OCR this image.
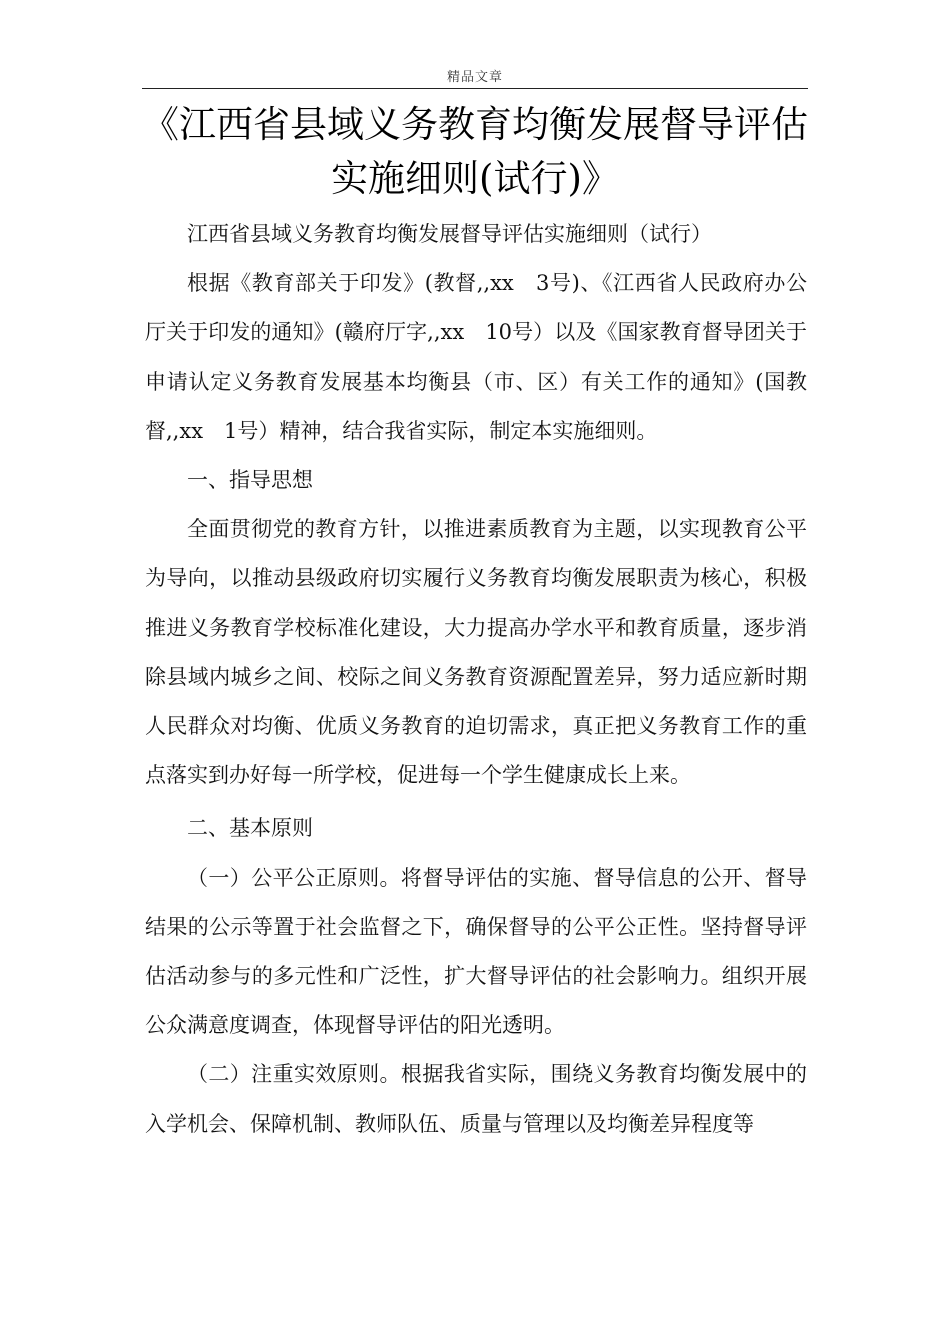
精品文章
《江西省县域义务教育均衡发展督导评估实施细则(试行)》

江西省县域义务教育均衡发展督导评估实施细则（试行）

根据《教育部关于印发》(教督,,xx　3号)、《江西省人民政府办公厅关于印发的通知》(赣府厅字,,xx　10号）以及《国家教育督导团关于申请认定义务教育发展基本均衡县（市、区）有关工作的通知》(国教督,,xx　1号）精神，结合我省实际，制定本实施细则。

一、指导思想

全面贯彻党的教育方针，以推进素质教育为主题，以实现教育公平为导向，以推动县级政府切实履行义务教育均衡发展职责为核心，积极推进义务教育学校标准化建设，大力提高办学水平和教育质量，逐步消除县域内城乡之间、校际之间义务教育资源配置差异，努力适应新时期人民群众对均衡、优质义务教育的迫切需求，真正把义务教育工作的重点落实到办好每一所学校，促进每一个学生健康成长上来。

二、基本原则

（一）公平公正原则。将督导评估的实施、督导信息的公开、督导结果的公示等置于社会监督之下，确保督导的公平公正性。坚持督导评估活动参与的多元性和广泛性，扩大督导评估的社会影响力。组织开展公众满意度调查，体现督导评估的阳光透明。

（二）注重实效原则。根据我省实际，围绕义务教育均衡发展中的入学机会、保障机制、教师队伍、质量与管理以及均衡差异程度等
